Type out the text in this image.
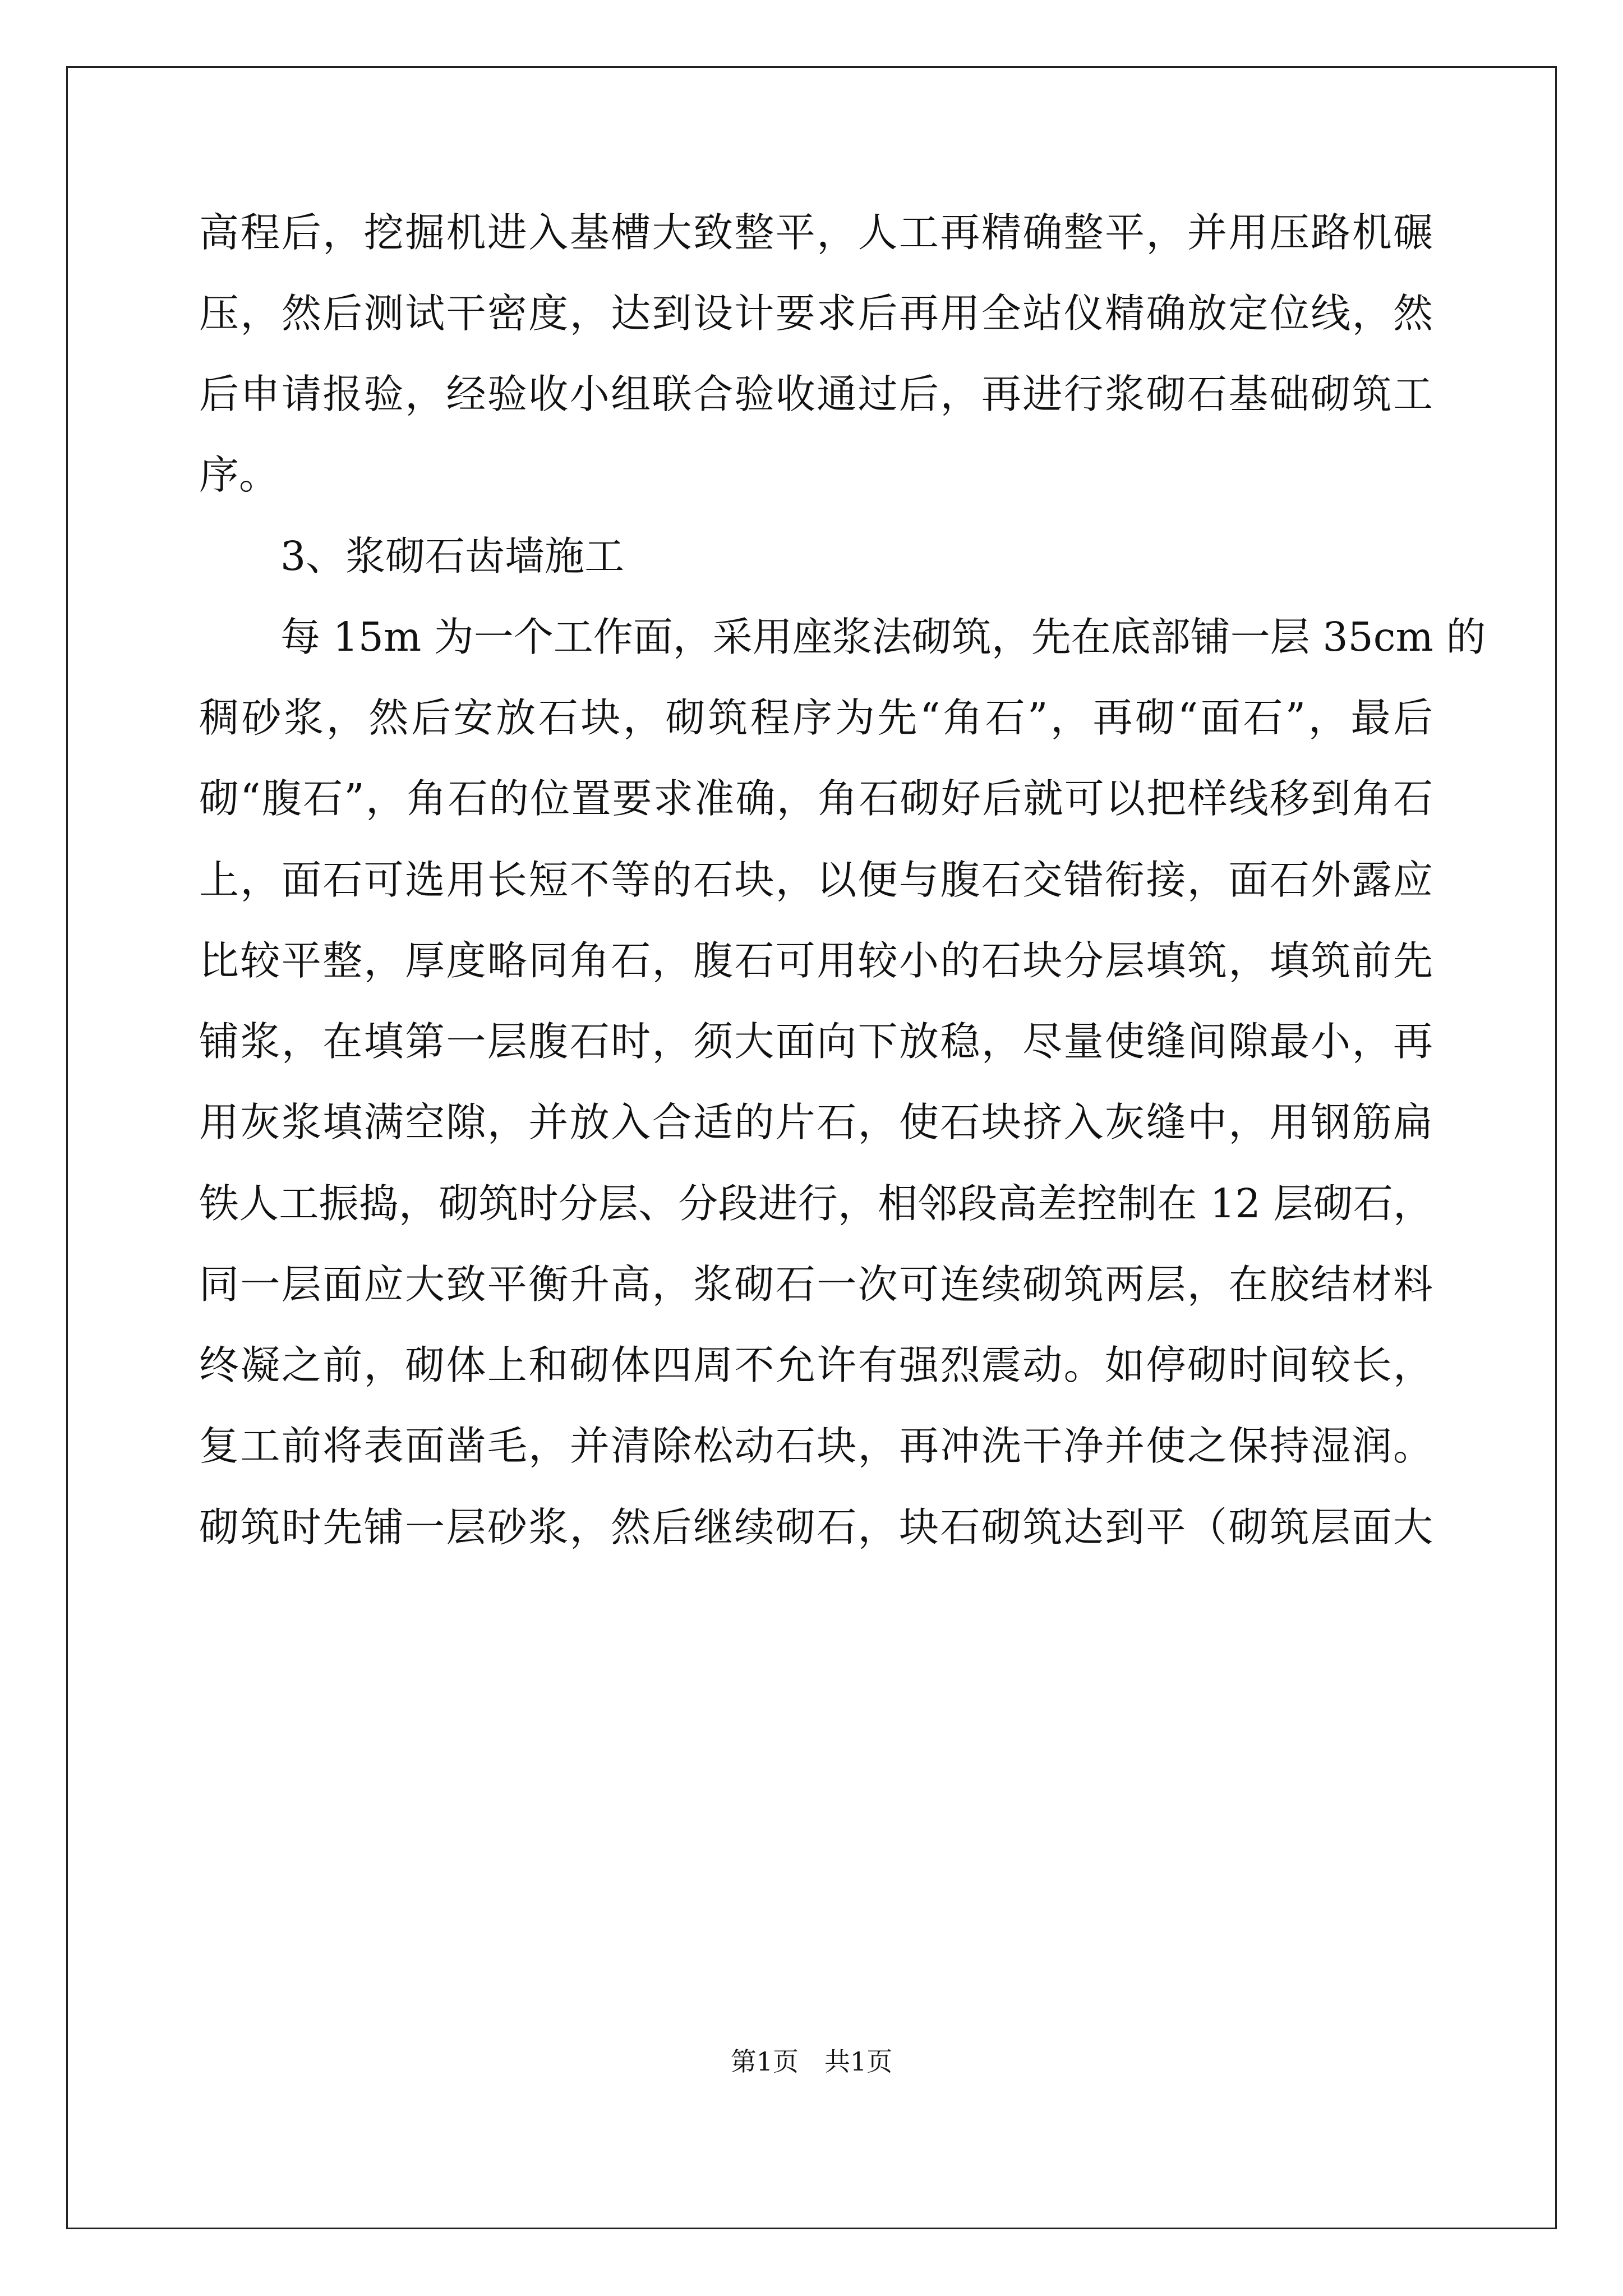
高程后，挖掘机进入基槽大致整平，人工再精确整平，并用压路机碾
压，然后测试干密度，达到设计要求后再用全站仪精确放定位线，然
后申请报验，经验收小组联合验收通过后，再进行浆砌石基础砌筑工
序。
3、浆砌石齿墙施工
每 15m 为一个工作面，采用座浆法砌筑，先在底部铺一层 35cm 的
稠砂浆，然后安放石块，砌筑程序为先“角石”，再砌“面石”，最后
砌“腹石”，角石的位置要求准确，角石砌好后就可以把样线移到角石
上，面石可选用长短不等的石块，以便与腹石交错衔接，面石外露应
比较平整，厚度略同角石，腹石可用较小的石块分层填筑，填筑前先
铺浆，在填第一层腹石时，须大面向下放稳，尽量使缝间隙最小，再
用灰浆填满空隙，并放入合适的片石，使石块挤入灰缝中，用钢筋扁
铁人工振捣，砌筑时分层、分段进行，相邻段高差控制在 12 层砌石，
同一层面应大致平衡升高，浆砌石一次可连续砌筑两层，在胶结材料
终凝之前，砌体上和砌体四周不允许有强烈震动。如停砌时间较长，
复工前将表面凿毛，并清除松动石块，再冲洗干净并使之保持湿润。
砌筑时先铺一层砂浆，然后继续砌石，块石砌筑达到平（砌筑层面大
第1页　共1页
